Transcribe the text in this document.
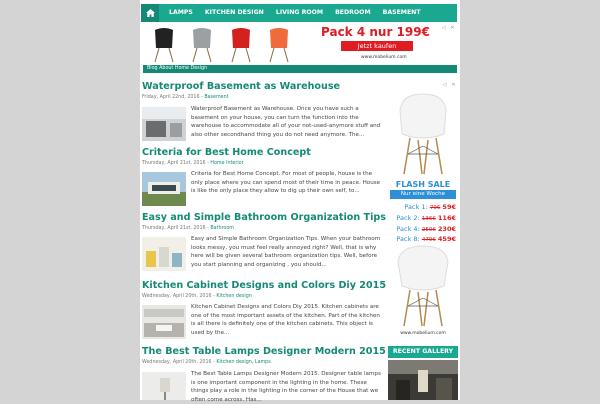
LAMPS	KITCHEN DESIGN	LIVING ROOM	BEDROOM	BASEMENT
Pack 4 nur 199€
Jetzt kaufen
www.mobelium.com
◁ ✕
Blog About Home Design
Waterproof Basement as Warehouse
Friday, April 22nd, 2016 - Basement
Waterproof Basement as Warehouse. Once you have such a basement on your house, you can turn the function into the warehouse to accommodate all of your not-used-anymore stuff and also other secondhand thing you do not need anymore. The...
Criteria for Best Home Concept
Thursday, April 21st, 2016 - Home Interior
Criteria for Best Home Concept. For most of people, house is the only place where you can spend most of their time in peace. House is like the only place they allow to dig up their own self, to...
Easy and Simple Bathroom Organization Tips
Thursday, April 21st, 2016 - Bathroom
Easy and Simple Bathroom Organization Tips. When your bathroom looks messy, you must feel really annoyed right? Well, that is why here will be given several bathroom organization tips. Well, before you start planning and organizing , you should...
Kitchen Cabinet Designs and Colors Diy 2015
Wednesday, April 20th, 2016 - Kitchen design
Kitchen Cabinet Designs and Colors Diy 2015. Kitchen cabinets are one of the most important assets of the kitchen. Part of the kitchen is all there is definitely one of the kitchen cabinets. This object is used by the...
The Best Table Lamps Designer Modern 2015
Wednesday, April 20th, 2016 - Kitchen design, Lamps
The Best Table Lamps Designer Modern 2015. Designer table lamps is one important component in the lighting in the home. These things play a role in the lighting in the corner of the House that we often come across. Has...
◁ ✕
FLASH SALE
Nur eine Woche
Pack 1: 79€ 59€
Pack 2: 136€ 116€
Pack 4: 250€ 230€
Pack 8: 479€ 459€
www.mobelium.com
RECENT GALLERY
